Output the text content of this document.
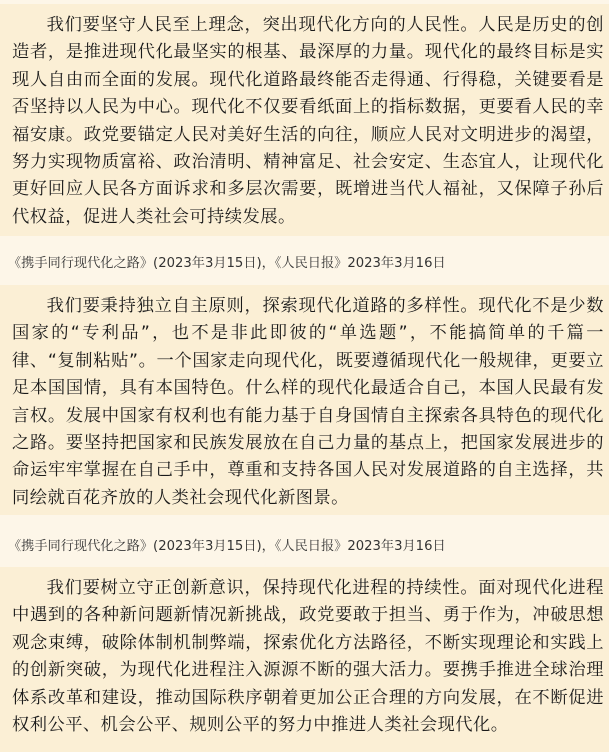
我们要坚守人民至上理念，突出现代化方向的人民性。人民是历史的创造者，是推进现代化最坚实的根基、最深厚的力量。现代化的最终目标是实现人自由而全面的发展。现代化道路最终能否走得通、行得稳，关键要看是否坚持以人民为中心。现代化不仅要看纸面上的指标数据，更要看人民的幸福安康。政党要锚定人民对美好生活的向往，顺应人民对文明进步的渴望，努力实现物质富裕、政治清明、精神富足、社会安定、生态宜人，让现代化更好回应人民各方面诉求和多层次需要，既增进当代人福祉，又保障子孙后代权益，促进人类社会可持续发展。
《携手同行现代化之路》(2023年3月15日)，《人民日报》2023年3月16日
我们要秉持独立自主原则，探索现代化道路的多样性。现代化不是少数国家的“专利品”，也不是非此即彼的“单选题”，不能搞简单的千篇一律、“复制粘贴”。一个国家走向现代化，既要遵循现代化一般规律，更要立足本国国情，具有本国特色。什么样的现代化最适合自己，本国人民最有发言权。发展中国家有权利也有能力基于自身国情自主探索各具特色的现代化之路。要坚持把国家和民族发展放在自己力量的基点上，把国家发展进步的命运牢牢掌握在自己手中，尊重和支持各国人民对发展道路的自主选择，共同绘就百花齐放的人类社会现代化新图景。
《携手同行现代化之路》(2023年3月15日)，《人民日报》2023年3月16日
我们要树立守正创新意识，保持现代化进程的持续性。面对现代化进程中遇到的各种新问题新情况新挑战，政党要敢于担当、勇于作为，冲破思想观念束缚，破除体制机制弊端，探索优化方法路径，不断实现理论和实践上的创新突破，为现代化进程注入源源不断的强大活力。要携手推进全球治理体系改革和建设，推动国际秩序朝着更加公正合理的方向发展，在不断促进权利公平、机会公平、规则公平的努力中推进人类社会现代化。
